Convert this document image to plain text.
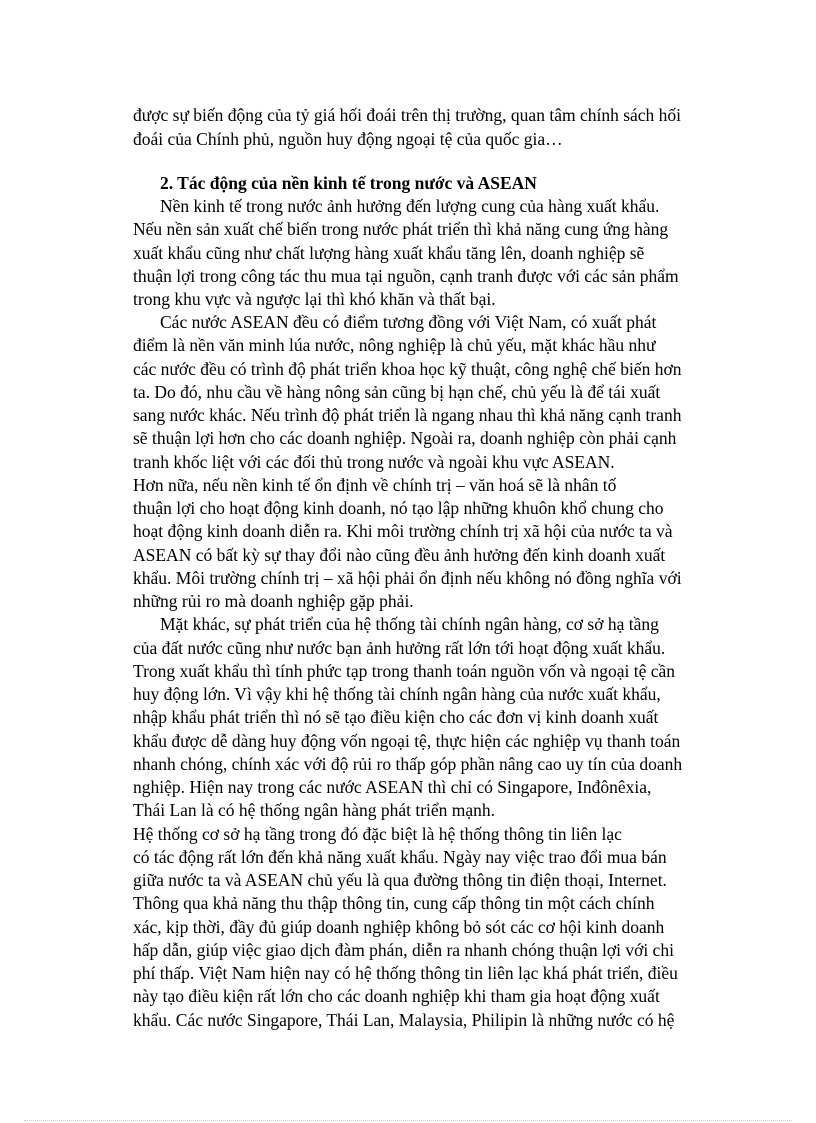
được sự biến động của tỷ giá hối đoái trên thị trường, quan tâm chính sách hối
đoái của Chính phủ, nguồn huy động ngoại tệ của quốc gia…
2. Tác động của nền kinh tế trong nước và ASEAN
Nền kinh tế trong nước ảnh hưởng đến lượng cung của hàng xuất khẩu.
Nếu nền sản xuất chế biến trong nước phát triển thì khả năng cung ứng hàng
xuất khẩu cũng như chất lượng hàng xuất khẩu tăng lên, doanh nghiệp sẽ
thuận lợi trong công tác thu mua tại nguồn, cạnh tranh được với các sản phẩm
trong khu vực và ngược lại thì khó khăn và thất bại.
Các nước ASEAN đều có điểm tương đồng với Việt Nam, có xuất phát
điểm là nền văn minh lúa nước, nông nghiệp là chủ yếu, mặt khác hầu như
các nước đều có trình độ phát triển khoa học kỹ thuật, công nghệ chế biến hơn
ta. Do đó, nhu cầu về hàng nông sản cũng bị hạn chế, chủ yếu là để tái xuất
sang nước khác. Nếu trình độ phát triển là ngang nhau thì khả năng cạnh tranh
sẽ thuận lợi hơn cho các doanh nghiệp. Ngoài ra, doanh nghiệp còn phải cạnh
tranh khốc liệt với các đối thủ trong nước và ngoài khu vực ASEAN.
Hơn nữa, nếu nền kinh tế ổn định về chính trị – văn hoá sẽ là nhân tố
thuận lợi cho hoạt động kinh doanh, nó tạo lập những khuôn khổ chung cho
hoạt động kinh doanh diễn ra. Khi môi trường chính trị xã hội của nước ta và
ASEAN có bất kỳ sự thay đổi nào cũng đều ảnh hưởng đến kinh doanh xuất
khẩu. Môi trường chính trị – xã hội phải ổn định nếu không nó đồng nghĩa với
những rủi ro mà doanh nghiệp gặp phải.
Mặt khác, sự phát triển của hệ thống tài chính ngân hàng, cơ sở hạ tầng
của đất nước cũng như nước bạn ảnh hưởng rất lớn tới hoạt động xuất khẩu.
Trong xuất khẩu thì tính phức tạp trong thanh toán nguồn vốn và ngoại tệ cần
huy động lớn. Vì vậy khi hệ thống tài chính ngân hàng của nước xuất khẩu,
nhập khẩu phát triển thì nó sẽ tạo điều kiện cho các đơn vị kinh doanh xuất
khẩu được dễ dàng huy động vốn ngoại tệ, thực hiện các nghiệp vụ thanh toán
nhanh chóng, chính xác với độ rủi ro thấp góp phần nâng cao uy tín của doanh
nghiệp. Hiện nay trong các nước ASEAN thì chỉ có Singapore, Inđônêxia,
Thái Lan là có hệ thống ngân hàng phát triển mạnh.
Hệ thống cơ sở hạ tầng trong đó đặc biệt là hệ thống thông tin liên lạc
có tác động rất lớn đến khả năng xuất khẩu. Ngày nay việc trao đổi mua bán
giữa nước ta và ASEAN chủ yếu là qua đường thông tin điện thoại, Internet.
Thông qua khả năng thu thập thông tin, cung cấp thông tin một cách chính
xác, kịp thời, đầy đủ giúp doanh nghiệp không bỏ sót các cơ hội kinh doanh
hấp dẫn, giúp việc giao dịch đàm phán, diễn ra nhanh chóng thuận lợi với chi
phí thấp. Việt Nam hiện nay có hệ thống thông tin liên lạc khá phát triển, điều
này tạo điều kiện rất lớn cho các doanh nghiệp khi tham gia hoạt động xuất
khẩu. Các nước Singapore, Thái Lan, Malaysia, Philipin là những nước có hệ
